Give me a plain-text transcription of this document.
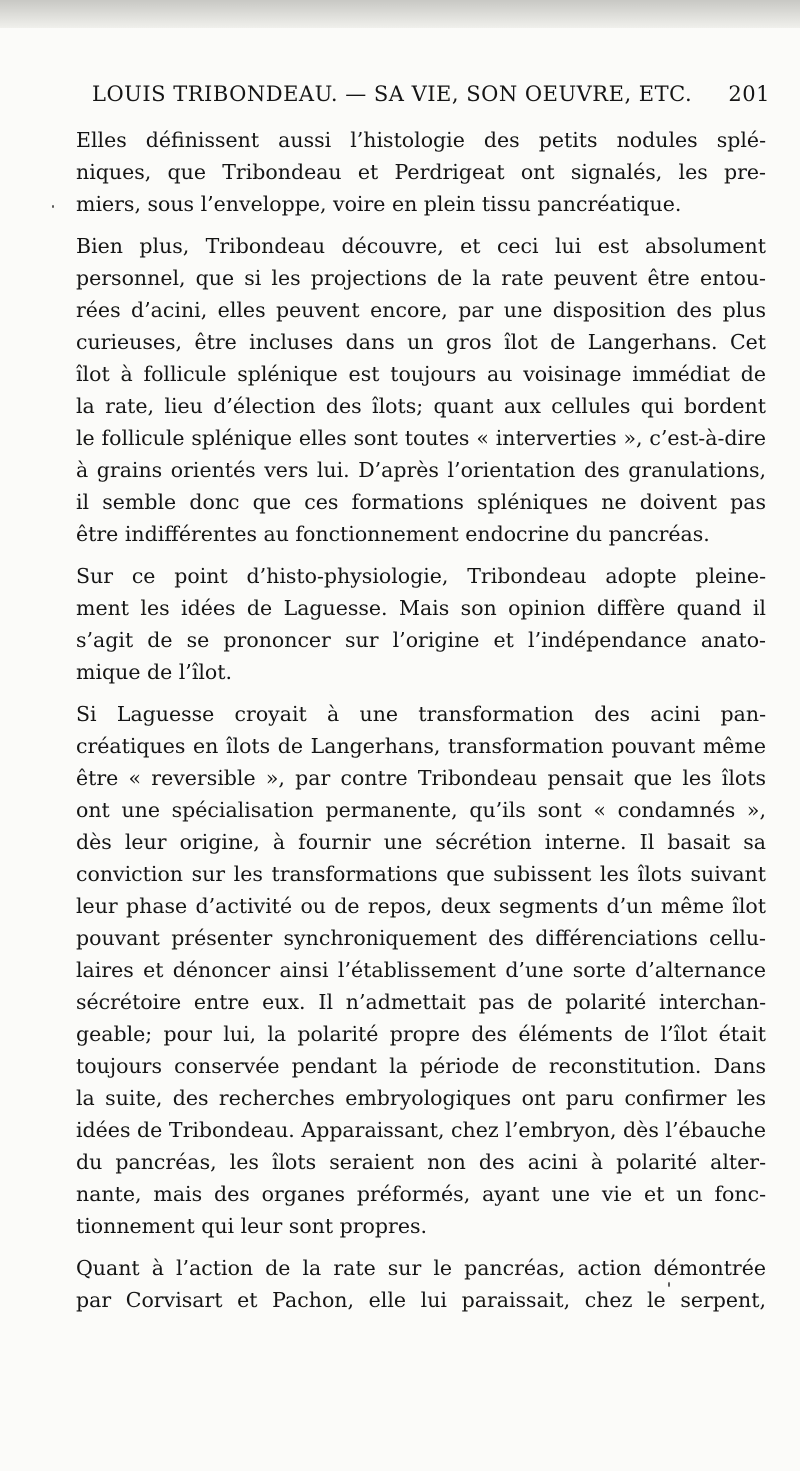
LOUIS TRIBONDEAU. — SA VIE, SON OEUVRE, ETC. 201
Elles définissent aussi l’histologie des petits nodules splé-
niques, que Tribondeau et Perdrigeat ont signalés, les pre-
miers, sous l’enveloppe, voire en plein tissu pancréatique.
Bien plus, Tribondeau découvre, et ceci lui est absolument
personnel, que si les projections de la rate peuvent être entou-
rées d’acini, elles peuvent encore, par une disposition des plus
curieuses, être incluses dans un gros îlot de Langerhans. Cet
îlot à follicule splénique est toujours au voisinage immédiat de
la rate, lieu d’élection des îlots; quant aux cellules qui bordent
le follicule splénique elles sont toutes « interverties », c’est-à-dire
à grains orientés vers lui. D’après l’orientation des granulations,
il semble donc que ces formations spléniques ne doivent pas
être indifférentes au fonctionnement endocrine du pancréas.
Sur ce point d’histo-physiologie, Tribondeau adopte pleine-
ment les idées de Laguesse. Mais son opinion diffère quand il
s’agit de se prononcer sur l’origine et l’indépendance anato-
mique de l’îlot.
Si Laguesse croyait à une transformation des acini pan-
créatiques en îlots de Langerhans, transformation pouvant même
être « reversible », par contre Tribondeau pensait que les îlots
ont une spécialisation permanente, qu’ils sont « condamnés »,
dès leur origine, à fournir une sécrétion interne. Il basait sa
conviction sur les transformations que subissent les îlots suivant
leur phase d’activité ou de repos, deux segments d’un même îlot
pouvant présenter synchroniquement des différenciations cellu-
laires et dénoncer ainsi l’établissement d’une sorte d’alternance
sécrétoire entre eux. Il n’admettait pas de polarité interchan-
geable; pour lui, la polarité propre des éléments de l’îlot était
toujours conservée pendant la période de reconstitution. Dans
la suite, des recherches embryologiques ont paru confirmer les
idées de Tribondeau. Apparaissant, chez l’embryon, dès l’ébauche
du pancréas, les îlots seraient non des acini à polarité alter-
nante, mais des organes préformés, ayant une vie et un fonc-
tionnement qui leur sont propres.
Quant à l’action de la rate sur le pancréas, action démontrée
par Corvisart et Pachon, elle lui paraissait, chez le serpent,
